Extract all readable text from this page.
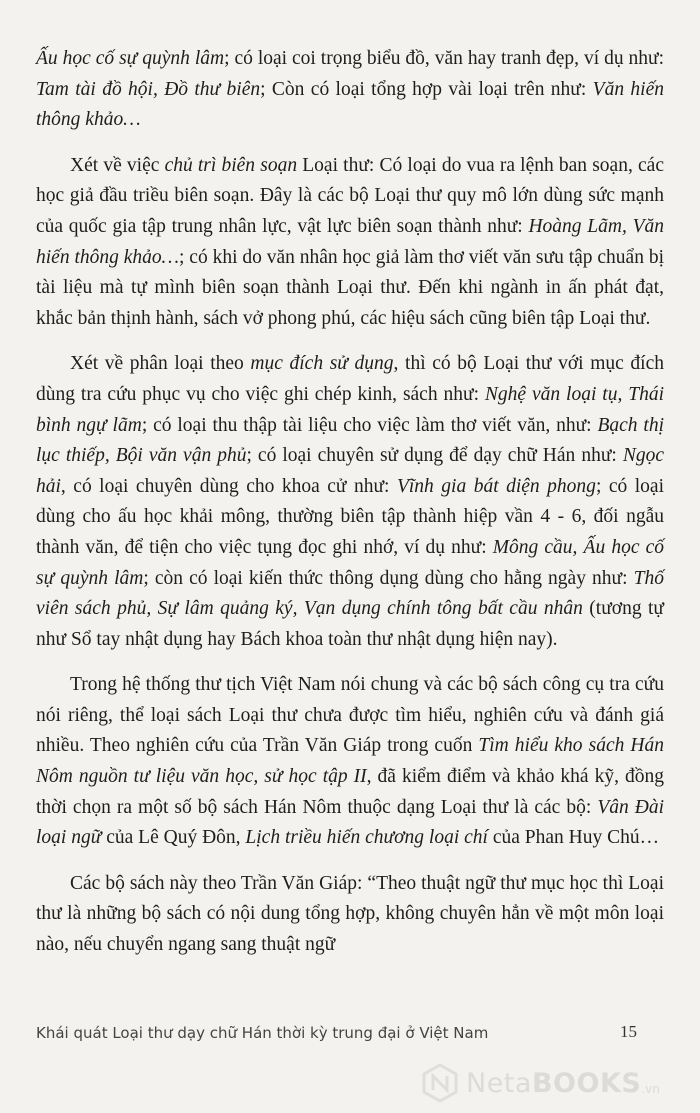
Ấu học cố sự quỳnh lâm; có loại coi trọng biểu đồ, văn hay tranh đẹp, ví dụ như: Tam tài đồ hội, Đồ thư biên; Còn có loại tổng hợp vài loại trên như: Văn hiến thông khảo…

Xét về việc chủ trì biên soạn Loại thư: Có loại do vua ra lệnh ban soạn, các học giả đầu triều biên soạn. Đây là các bộ Loại thư quy mô lớn dùng sức mạnh của quốc gia tập trung nhân lực, vật lực biên soạn thành như: Hoàng Lãm, Văn hiến thông khảo…; có khi do văn nhân học giả làm thơ viết văn sưu tập chuẩn bị tài liệu mà tự mình biên soạn thành Loại thư. Đến khi ngành in ấn phát đạt, khắc bản thịnh hành, sách vở phong phú, các hiệu sách cũng biên tập Loại thư.

Xét về phân loại theo mục đích sử dụng, thì có bộ Loại thư với mục đích dùng tra cứu phục vụ cho việc ghi chép kinh, sách như: Nghệ văn loại tụ, Thái bình ngự lãm; có loại thu thập tài liệu cho việc làm thơ viết văn, như: Bạch thị lục thiếp, Bội văn vận phủ; có loại chuyên sử dụng để dạy chữ Hán như: Ngọc hải, có loại chuyên dùng cho khoa cử như: Vĩnh gia bát diện phong; có loại dùng cho ấu học khải mông, thường biên tập thành hiệp vần 4 - 6, đối ngẫu thành văn, để tiện cho việc tụng đọc ghi nhớ, ví dụ như: Mông cầu, Ấu học cố sự quỳnh lâm; còn có loại kiến thức thông dụng dùng cho hằng ngày như: Thố viên sách phủ, Sự lâm quảng ký, Vạn dụng chính tông bất cầu nhân (tương tự như Sổ tay nhật dụng hay Bách khoa toàn thư nhật dụng hiện nay).

Trong hệ thống thư tịch Việt Nam nói chung và các bộ sách công cụ tra cứu nói riêng, thể loại sách Loại thư chưa được tìm hiểu, nghiên cứu và đánh giá nhiều. Theo nghiên cứu của Trần Văn Giáp trong cuốn Tìm hiểu kho sách Hán Nôm nguồn tư liệu văn học, sử học tập II, đã kiểm điểm và khảo khá kỹ, đồng thời chọn ra một số bộ sách Hán Nôm thuộc dạng Loại thư là các bộ: Vân Đài loại ngữ của Lê Quý Đôn, Lịch triều hiến chương loại chí của Phan Huy Chú…

Các bộ sách này theo Trần Văn Giáp: “Theo thuật ngữ thư mục học thì Loại thư là những bộ sách có nội dung tổng hợp, không chuyên hẳn về một môn loại nào, nếu chuyển ngang sang thuật ngữ

Khái quát Loại thư dạy chữ Hán thời kỳ trung đại ở Việt Nam	15
NetaBOOKS .vn
